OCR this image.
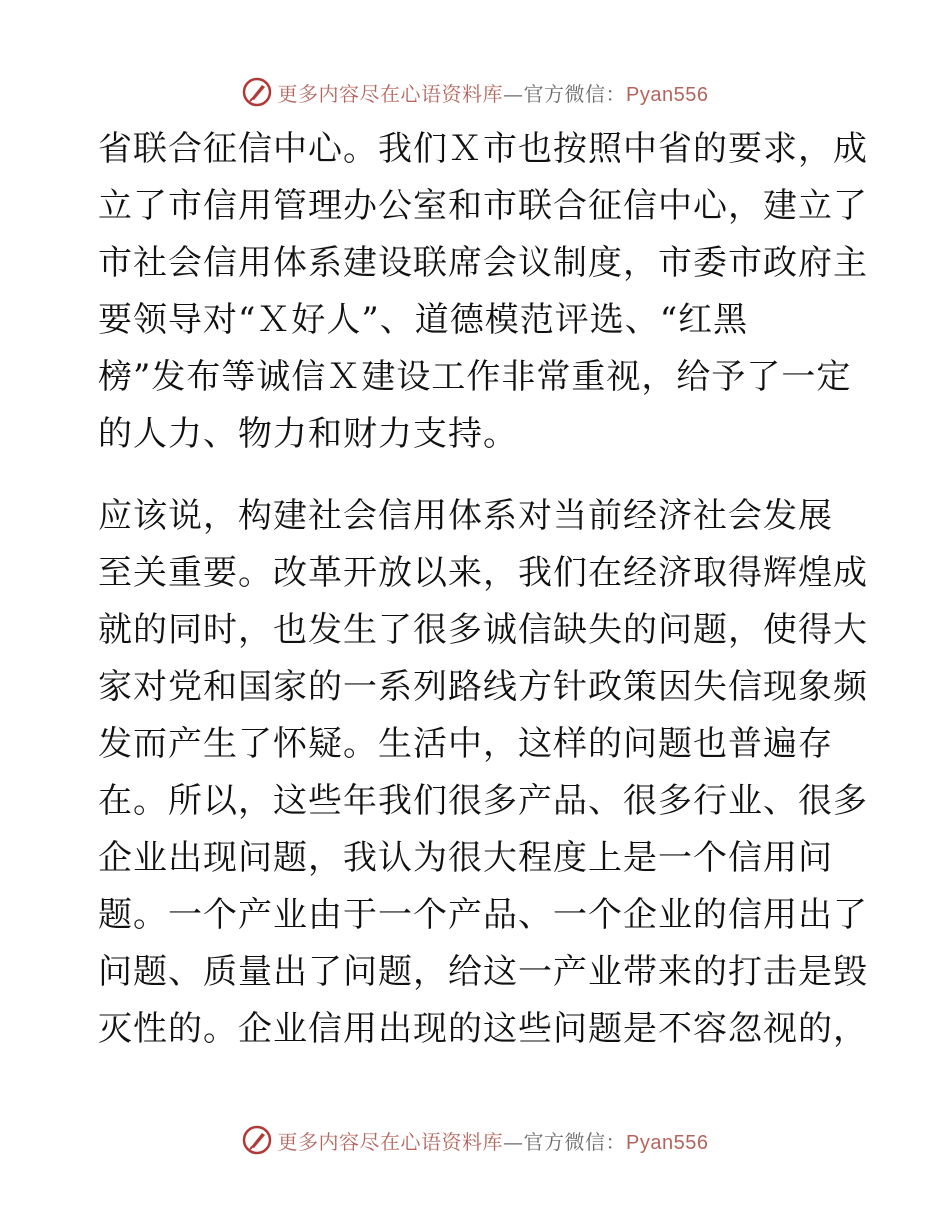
更多内容尽在心语资料库—官方微信：Pyan556
省联合征信中心。我们Ｘ市也按照中省的要求，成
立了市信用管理办公室和市联合征信中心，建立了
市社会信用体系建设联席会议制度，市委市政府主
要领导对“Ｘ好人”、道德模范评选、“红黑
榜”发布等诚信Ｘ建设工作非常重视，给予了一定
的人力、物力和财力支持。
应该说，构建社会信用体系对当前经济社会发展
至关重要。改革开放以来，我们在经济取得辉煌成
就的同时，也发生了很多诚信缺失的问题，使得大
家对党和国家的一系列路线方针政策因失信现象频
发而产生了怀疑。生活中，这样的问题也普遍存
在。所以，这些年我们很多产品、很多行业、很多
企业出现问题，我认为很大程度上是一个信用问
题。一个产业由于一个产品、一个企业的信用出了
问题、质量出了问题，给这一产业带来的打击是毁
灭性的。企业信用出现的这些问题是不容忽视的，
更多内容尽在心语资料库—官方微信：Pyan556
